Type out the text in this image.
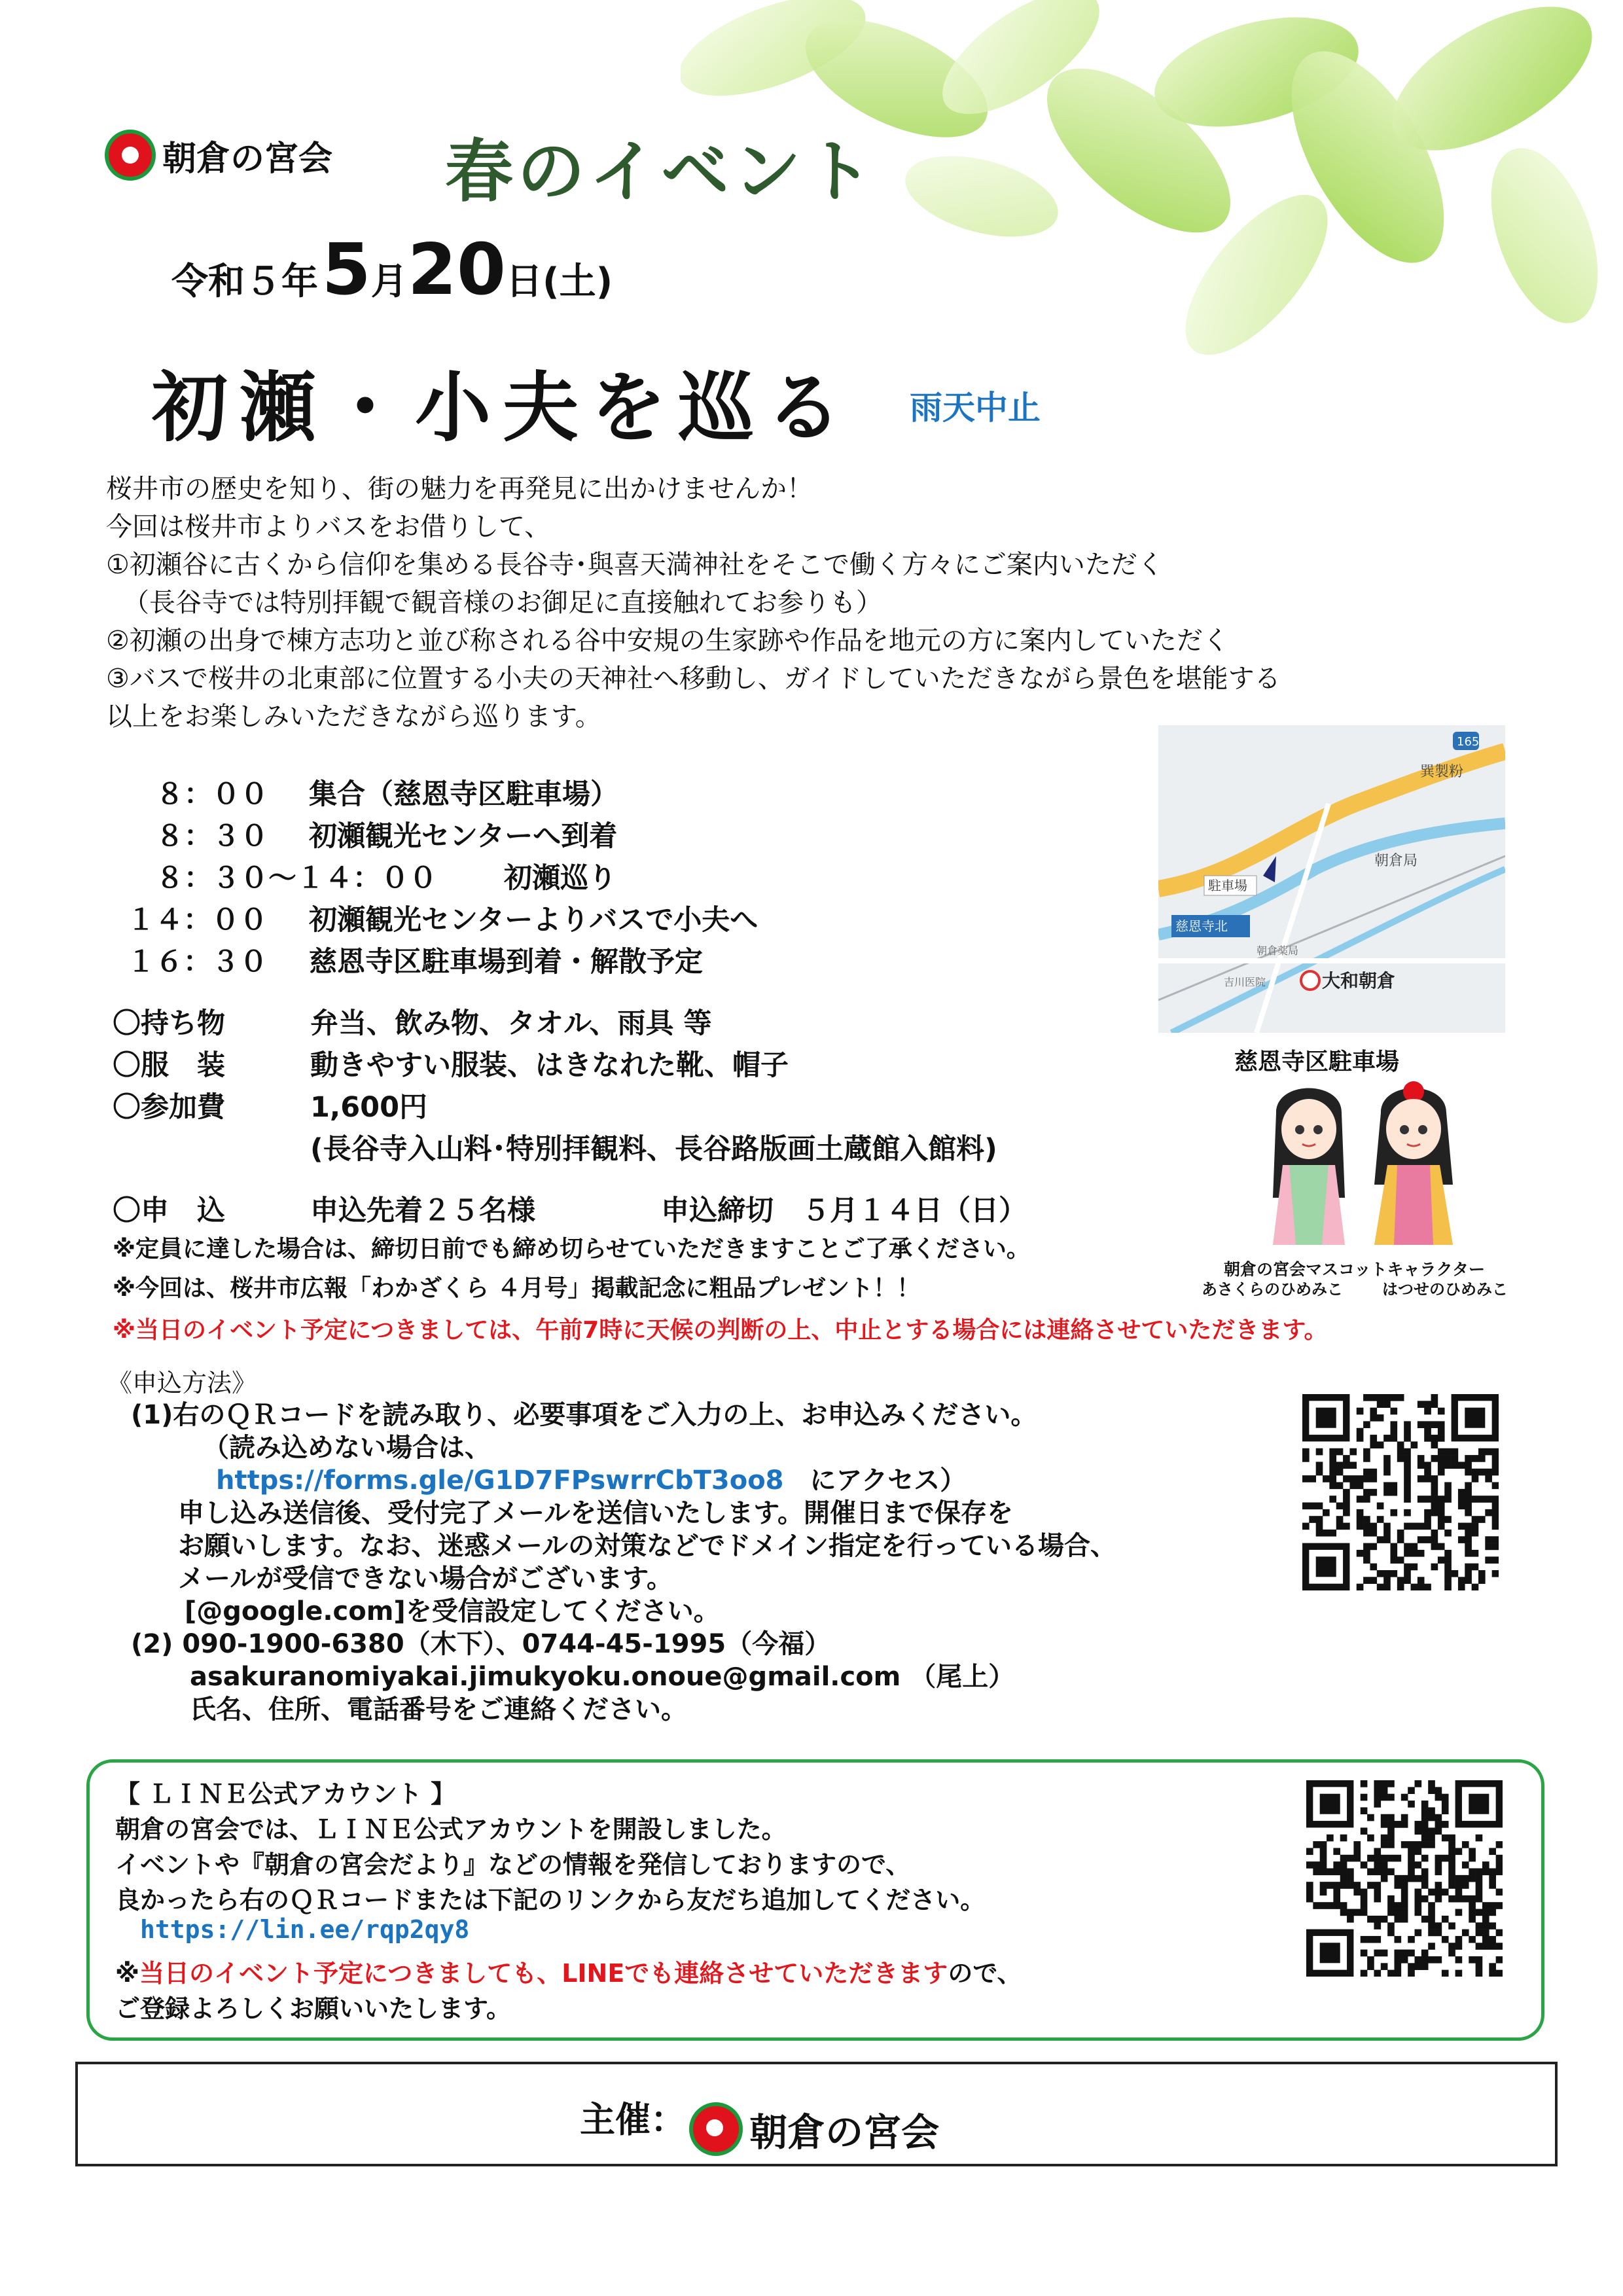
朝倉の宮会 春のイベント
令和５年 5月20日(土)
初瀬・小夫を巡る 雨天中止
桜井市の歴史を知り、街の魅力を再発見に出かけませんか！
今回は桜井市よりバスをお借りして、
①初瀬谷に古くから信仰を集める長谷寺･與喜天満神社をそこで働く方々にご案内いただく
（長谷寺では特別拝観で観音様のお御足に直接触れてお参りも）
②初瀬の出身で棟方志功と並び称される谷中安規の生家跡や作品を地元の方に案内していただく
③バスで桜井の北東部に位置する小夫の天神社へ移動し、ガイドしていただきながら景色を堪能する
以上をお楽しみいただきながら巡ります。
８：００ 集合（慈恩寺区駐車場）
８：３０ 初瀬観光センターへ到着
８：３０～１４：００ 初瀬巡り
１４：００ 初瀬観光センターよりバスで小夫へ
１６：３０ 慈恩寺区駐車場到着・解散予定
〇持ち物	弁当、飲み物、タオル、雨具 等
〇服　装	動きやすい服装、はきなれた靴、帽子
〇参加費	1,600円
(長谷寺入山料･特別拝観料、長谷路版画土蔵館入館料)
〇申　込	申込先着２５名様	申込締切　５月１４日（日）
165
巽製粉
朝倉局
駐車場
慈恩寺北
朝倉薬局
吉川医院	大和朝倉
慈恩寺区駐車場
朝倉の宮会マスコットキャラクター
あさくらのひめみこ	はつせのひめみこ
※定員に達した場合は、締切日前でも締め切らせていただきますことご了承ください。
※今回は、桜井市広報「わかざくら ４月号」掲載記念に粗品プレゼント！！
※当日のイベント予定につきましては、午前7時に天候の判断の上、中止とする場合には連絡させていただきます。
《申込方法》
(1)右のＱＲコードを読み取り、必要事項をご入力の上、お申込みください。
（読み込めない場合は、
https://forms.gle/G1D7FPswrrCbT3oo8 にアクセス）
申し込み送信後、受付完了メールを送信いたします。開催日まで保存を
お願いします。なお、迷惑メールの対策などでドメイン指定を行っている場合、
メールが受信できない場合がございます。
[@google.com]を受信設定してください。
(2) 090-1900-6380（木下）、0744-45-1995（今福）
asakuranomiyakai.jimukyoku.onoue@gmail.com （尾上）
氏名、住所、電話番号をご連絡ください。
【 ＬＩＮＥ公式アカウント 】
朝倉の宮会では、ＬＩＮＥ公式アカウントを開設しました。
イベントや『朝倉の宮会だより』などの情報を発信しておりますので、
良かったら右のＱＲコードまたは下記のリンクから友だち追加してください。
https://lin.ee/rqp2qy8
※当日のイベント予定につきましても、LINEでも連絡させていただきますので、
ご登録よろしくお願いいたします。
主催： 朝倉の宮会
